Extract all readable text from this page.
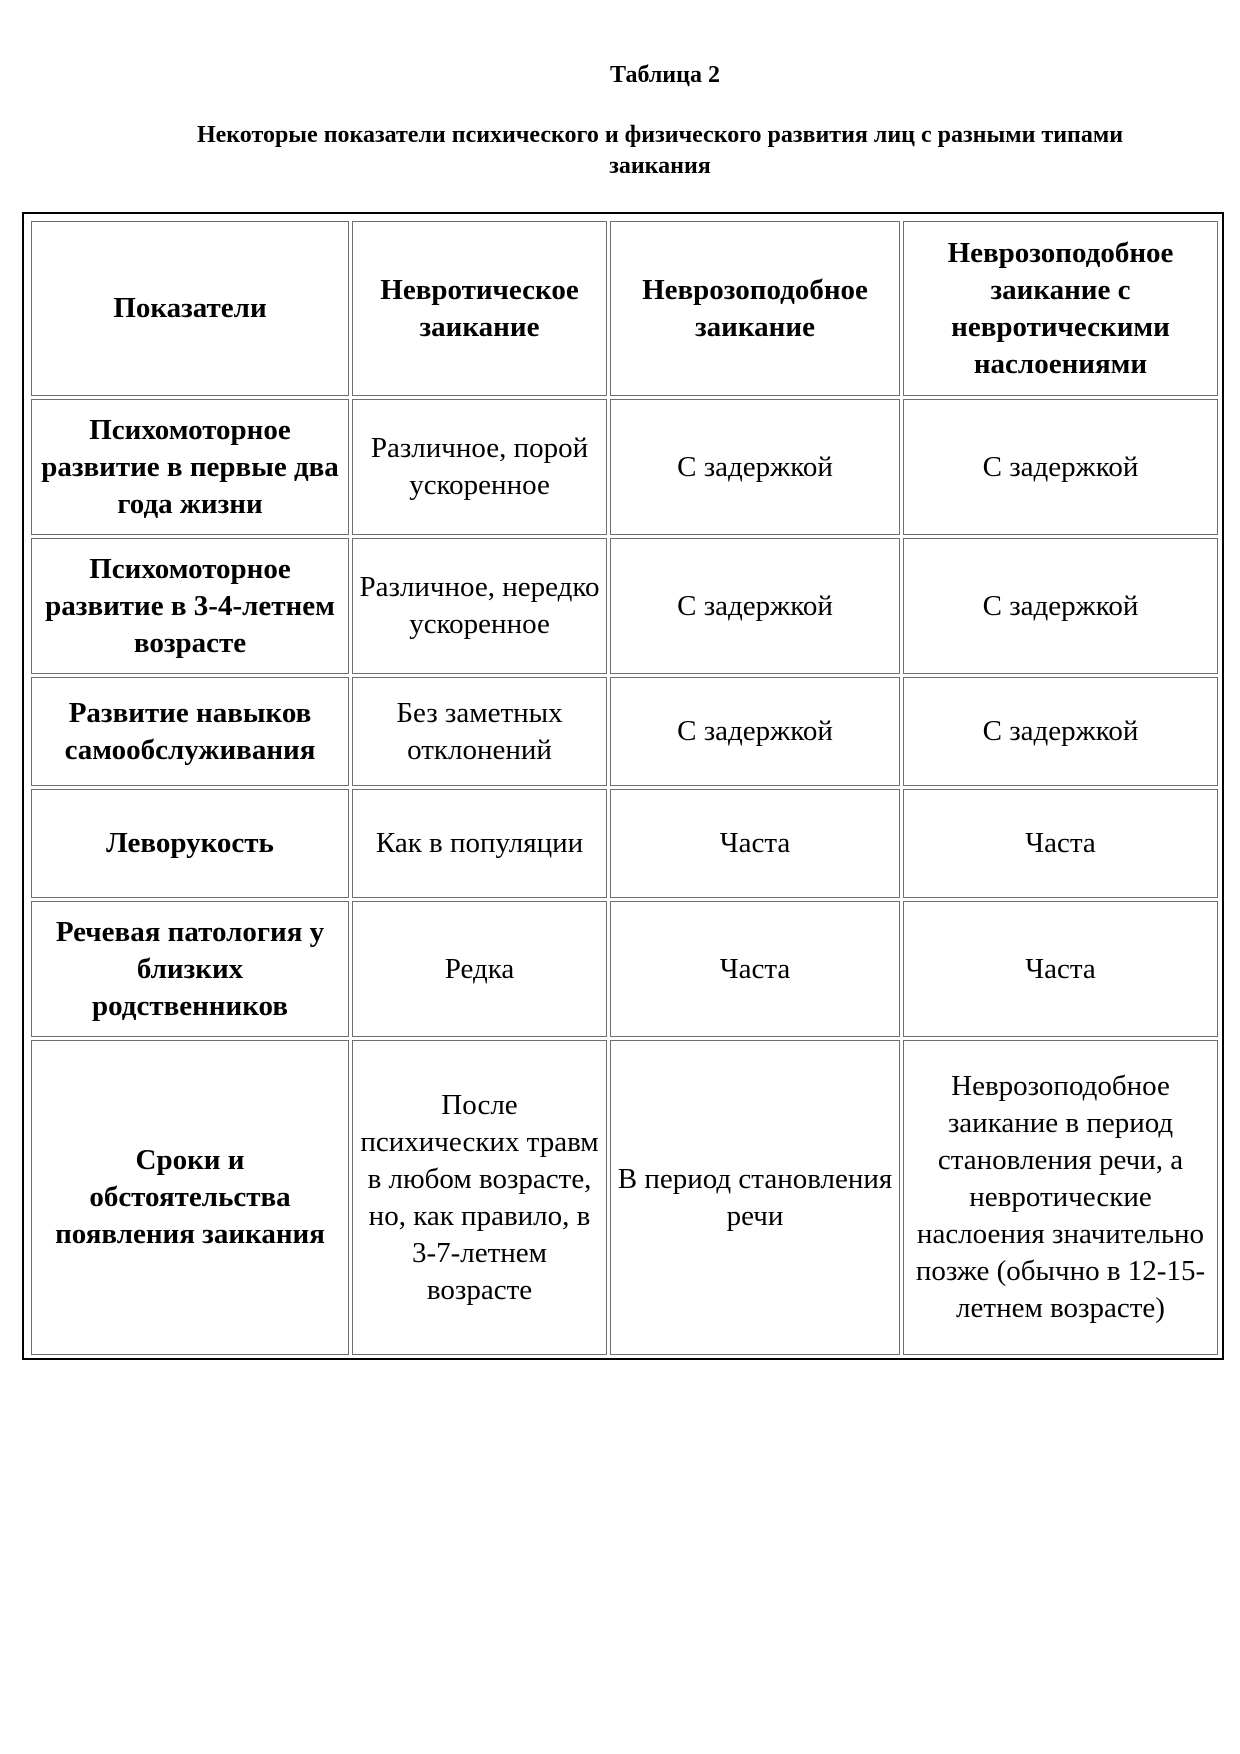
Таблица 2
Некоторые показатели психического и физического развития лиц с разными типами заикания
Показатели	Невротическое заикание	Неврозоподобное заикание	Неврозоподобное заикание с невротическими наслоениями
Психомоторное развитие в первые два года жизни	Различное, порой ускоренное	С задержкой	С задержкой
Психомоторное развитие в 3-4-летнем возрасте	Различное, нередко ускоренное	С задержкой	С задержкой
Развитие навыков самообслуживания	Без заметных отклонений	С задержкой	С задержкой
Леворукость	Как в популяции	Часта	Часта
Речевая патология у близких родственников	Редка	Часта	Часта
Сроки и обстоятельства появления заикания	После психических травм в любом возрасте, но, как правило, в 3-7-летнем возрасте	В период становления речи	Неврозоподобное заикание в период становления речи, а невротические наслоения значительно позже (обычно в 12-15-летнем возрасте)
